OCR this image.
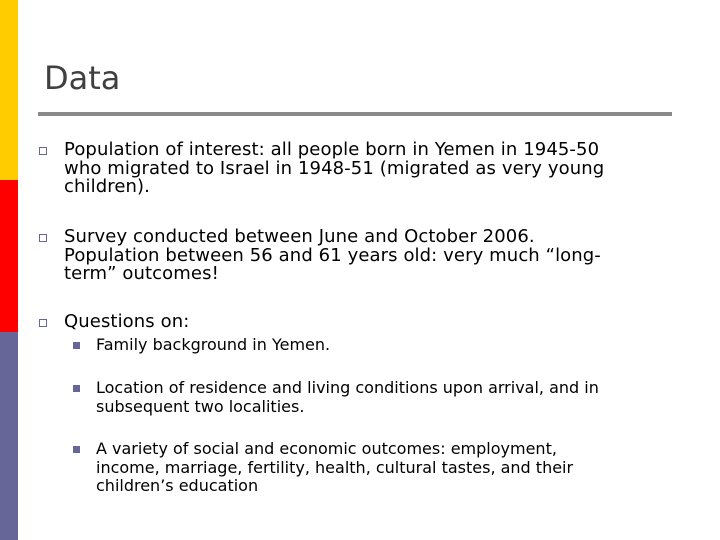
Data
Population of interest: all people born in Yemen in 1945-50
who migrated to Israel in 1948-51 (migrated as very young
children).
Survey conducted between June and October 2006.
Population between 56 and 61 years old: very much “long-
term” outcomes!
Questions on:
Family background in Yemen.
Location of residence and living conditions upon arrival, and in
subsequent two localities.
A variety of social and economic outcomes: employment,
income, marriage, fertility, health, cultural tastes, and their
children’s education
